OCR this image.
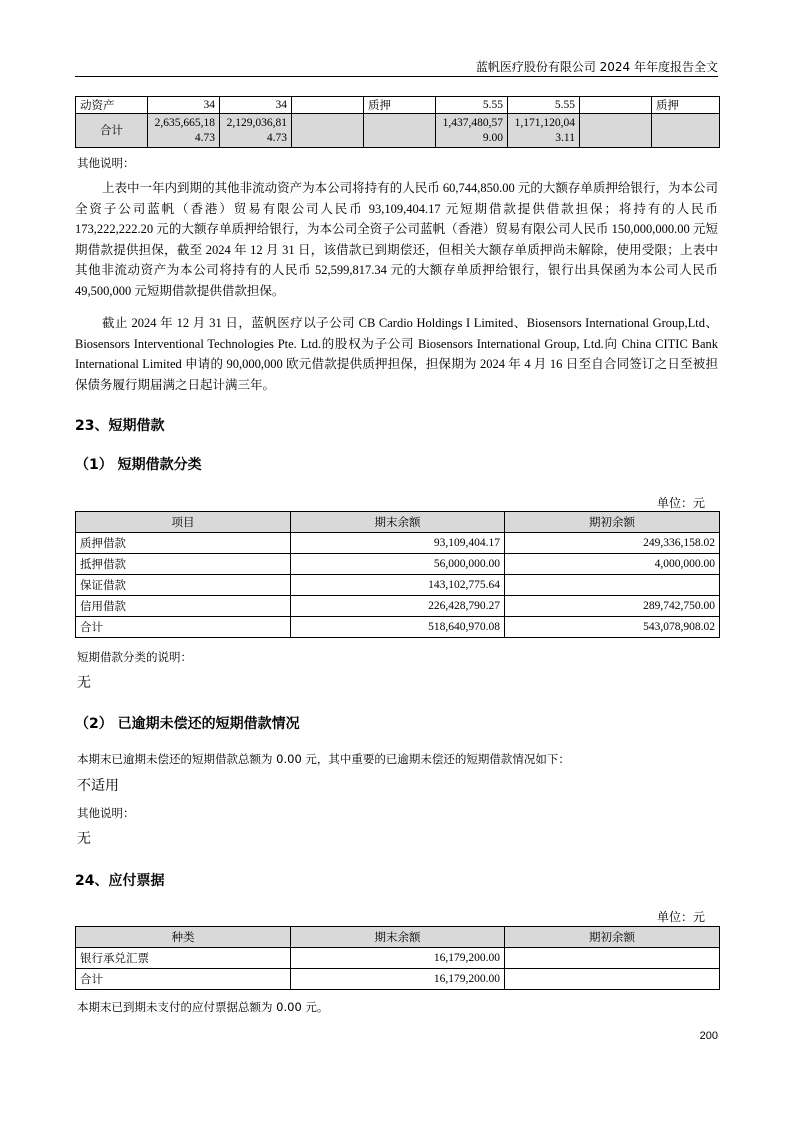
蓝帆医疗股份有限公司 2024 年年度报告全文
动资产	34	34		质押	5.55	5.55		质押
合计	2,635,665,184.73	2,129,036,814.73			1,437,480,579.00	1,171,120,043.11		
其他说明：
上表中一年内到期的其他非流动资产为本公司将持有的人民币 60,744,850.00 元的大额存单质押给银行，为本公司全资子公司蓝帆（香港）贸易有限公司人民币 93,109,404.17 元短期借款提供借款担保；将持有的人民币 173,222,222.20 元的大额存单质押给银行，为本公司全资子公司蓝帆（香港）贸易有限公司人民币 150,000,000.00 元短期借款提供担保，截至 2024 年 12 月 31 日，该借款已到期偿还，但相关大额存单质押尚未解除，使用受限；上表中其他非流动资产为本公司将持有的人民币 52,599,817.34 元的大额存单质押给银行，银行出具保函为本公司人民币 49,500,000 元短期借款提供借款担保。
截止 2024 年 12 月 31 日，蓝帆医疗以子公司 CB Cardio Holdings I Limited、Biosensors International Group,Ltd、Biosensors Interventional Technologies Pte. Ltd.的股权为子公司 Biosensors International Group, Ltd.向 China CITIC Bank International Limited 申请的 90,000,000 欧元借款提供质押担保，担保期为 2024 年 4 月 16 日至自合同签订之日至被担保债务履行期届满之日起计满三年。
23、短期借款
（1） 短期借款分类
单位：元
项目	期末余额	期初余额
质押借款	93,109,404.17	249,336,158.02
抵押借款	56,000,000.00	4,000,000.00
保证借款	143,102,775.64	
信用借款	226,428,790.27	289,742,750.00
合计	518,640,970.08	543,078,908.02
短期借款分类的说明：
无
（2） 已逾期未偿还的短期借款情况
本期末已逾期未偿还的短期借款总额为 0.00 元，其中重要的已逾期未偿还的短期借款情况如下：
不适用
其他说明：
无
24、应付票据
单位：元
种类	期末余额	期初余额
银行承兑汇票	16,179,200.00	
合计	16,179,200.00	
本期末已到期未支付的应付票据总额为 0.00 元。
200
